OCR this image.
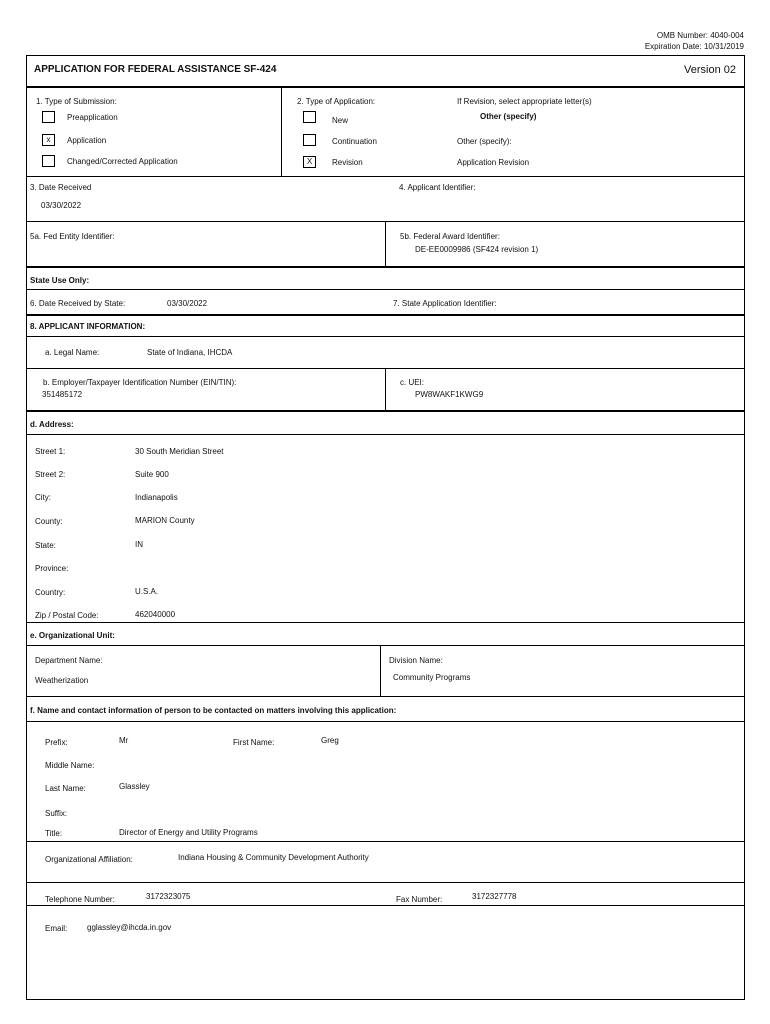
OMB Number: 4040-004
Expiration Date: 10/31/2019
APPLICATION FOR FEDERAL ASSISTANCE SF-424	Version 02
1. Type of Submission:
Preapplication
x	Application
Changed/Corrected Application
2. Type of Application:
New
Continuation
X	Revision
If Revision, select appropriate letter(s)
Other (specify)
Other (specify):
Application Revision
3. Date Received
03/30/2022
4. Applicant Identifier:
5a. Fed Entity Identifier:	5b. Federal Award Identifier:
DE-EE0009986 (SF424 revision 1)
State Use Only:
6. Date Received by State:	03/30/2022	7. State Application Identifier:
8. APPLICANT INFORMATION:
a. Legal Name:	State of Indiana, IHCDA
b. Employer/Taxpayer Identification Number (EIN/TIN):
351485172
c. UEI:
PW8WAKF1KWG9
d. Address:
Street 1:	30 South Meridian Street
Street 2:	Suite 900
City:	Indianapolis
County:	MARION County
State:	IN
Province:
Country:	U.S.A.
Zip / Postal Code:	462040000
e. Organizational Unit:
Department Name:
Weatherization
Division Name:
Community Programs
f. Name and contact information of person to be contacted on matters involving this application:
Prefix:	Mr	First Name:	Greg
Middle Name:
Last Name:	Glassley
Suffix:
Title:	Director of Energy and Utility Programs
Organizational Affiliation:	Indiana Housing & Community Development Authority
Telephone Number:	3172323075	Fax Number:	3172327778
Email: gglassley@ihcda.in.gov
